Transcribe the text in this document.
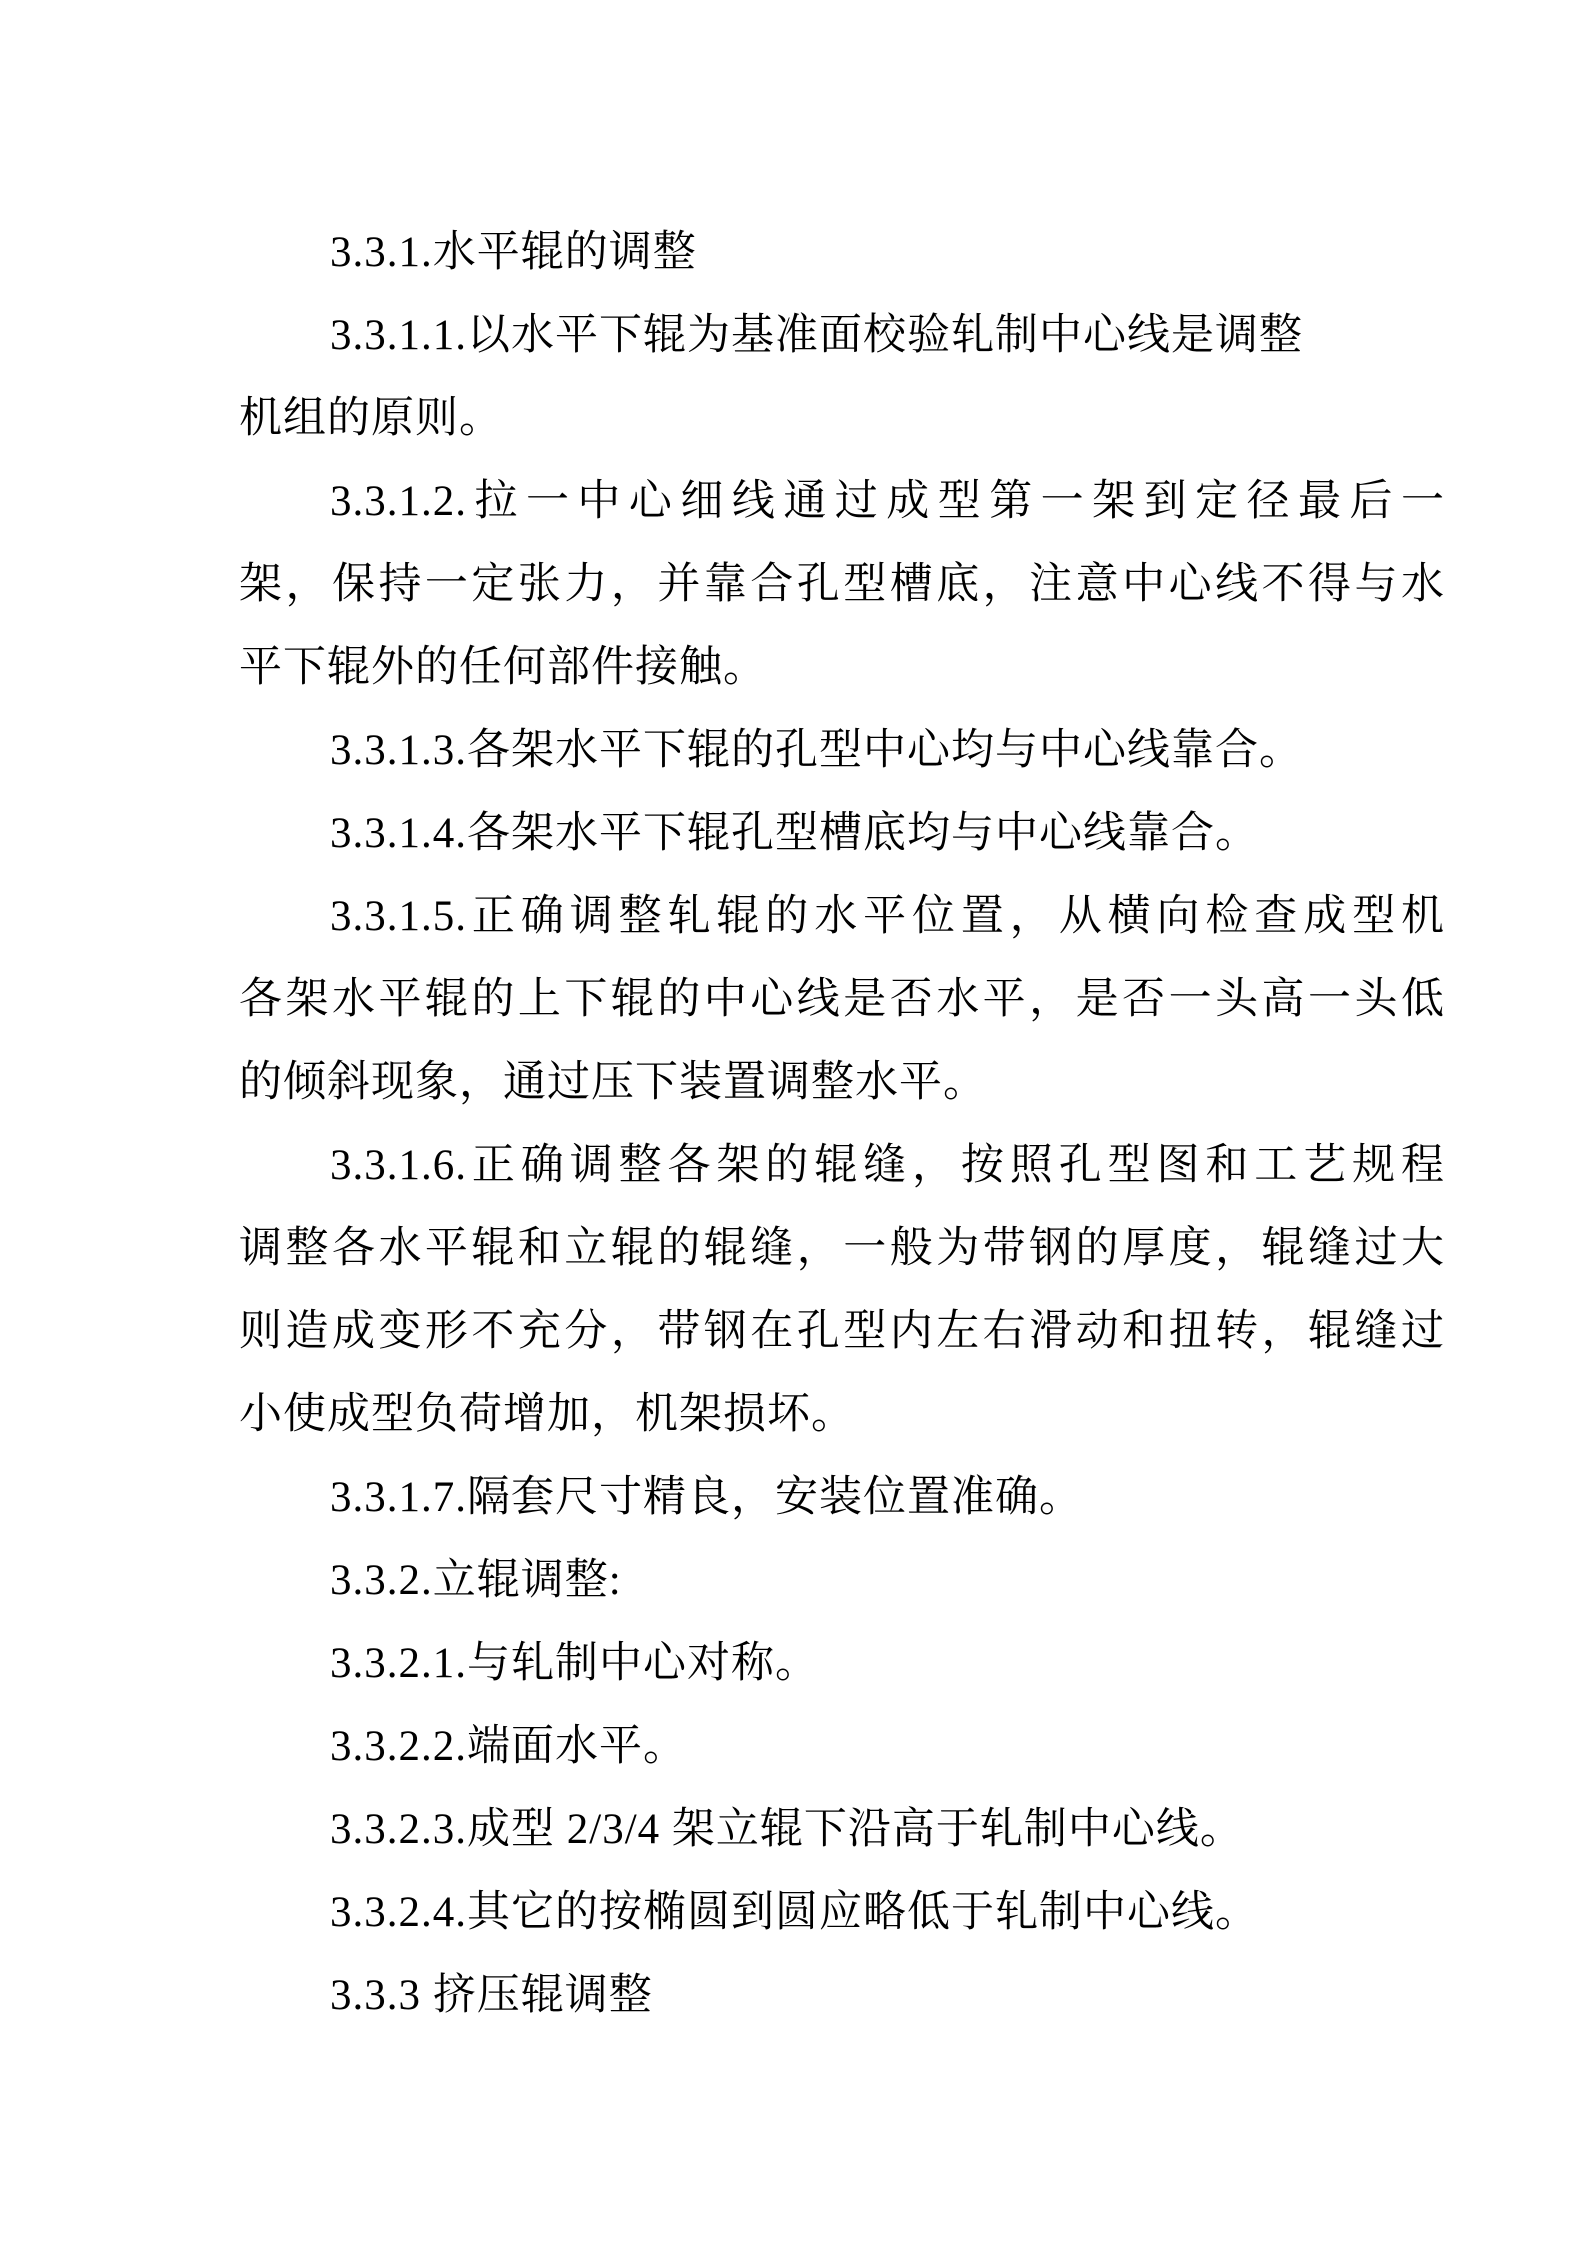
3.3.1.水平辊的调整
3.3.1.1.以水平下辊为基准面校验轧制中心线是调整
机组的原则。
3.3.1.2.拉一中心细线通过成型第一架到定径最后一
架，保持一定张力，并靠合孔型槽底，注意中心线不得与水
平下辊外的任何部件接触。
3.3.1.3.各架水平下辊的孔型中心均与中心线靠合。
3.3.1.4.各架水平下辊孔型槽底均与中心线靠合。
3.3.1.5.正确调整轧辊的水平位置，从横向检查成型机
各架水平辊的上下辊的中心线是否水平，是否一头高一头低
的倾斜现象，通过压下装置调整水平。
3.3.1.6.正确调整各架的辊缝，按照孔型图和工艺规程
调整各水平辊和立辊的辊缝，一般为带钢的厚度，辊缝过大
则造成变形不充分，带钢在孔型内左右滑动和扭转，辊缝过
小使成型负荷增加，机架损坏。
3.3.1.7.隔套尺寸精良，安装位置准确。
3.3.2.立辊调整:
3.3.2.1.与轧制中心对称。
3.3.2.2.端面水平。
3.3.2.3.成型 2/3/4 架立辊下沿高于轧制中心线。
3.3.2.4.其它的按椭圆到圆应略低于轧制中心线。
3.3.3 挤压辊调整
